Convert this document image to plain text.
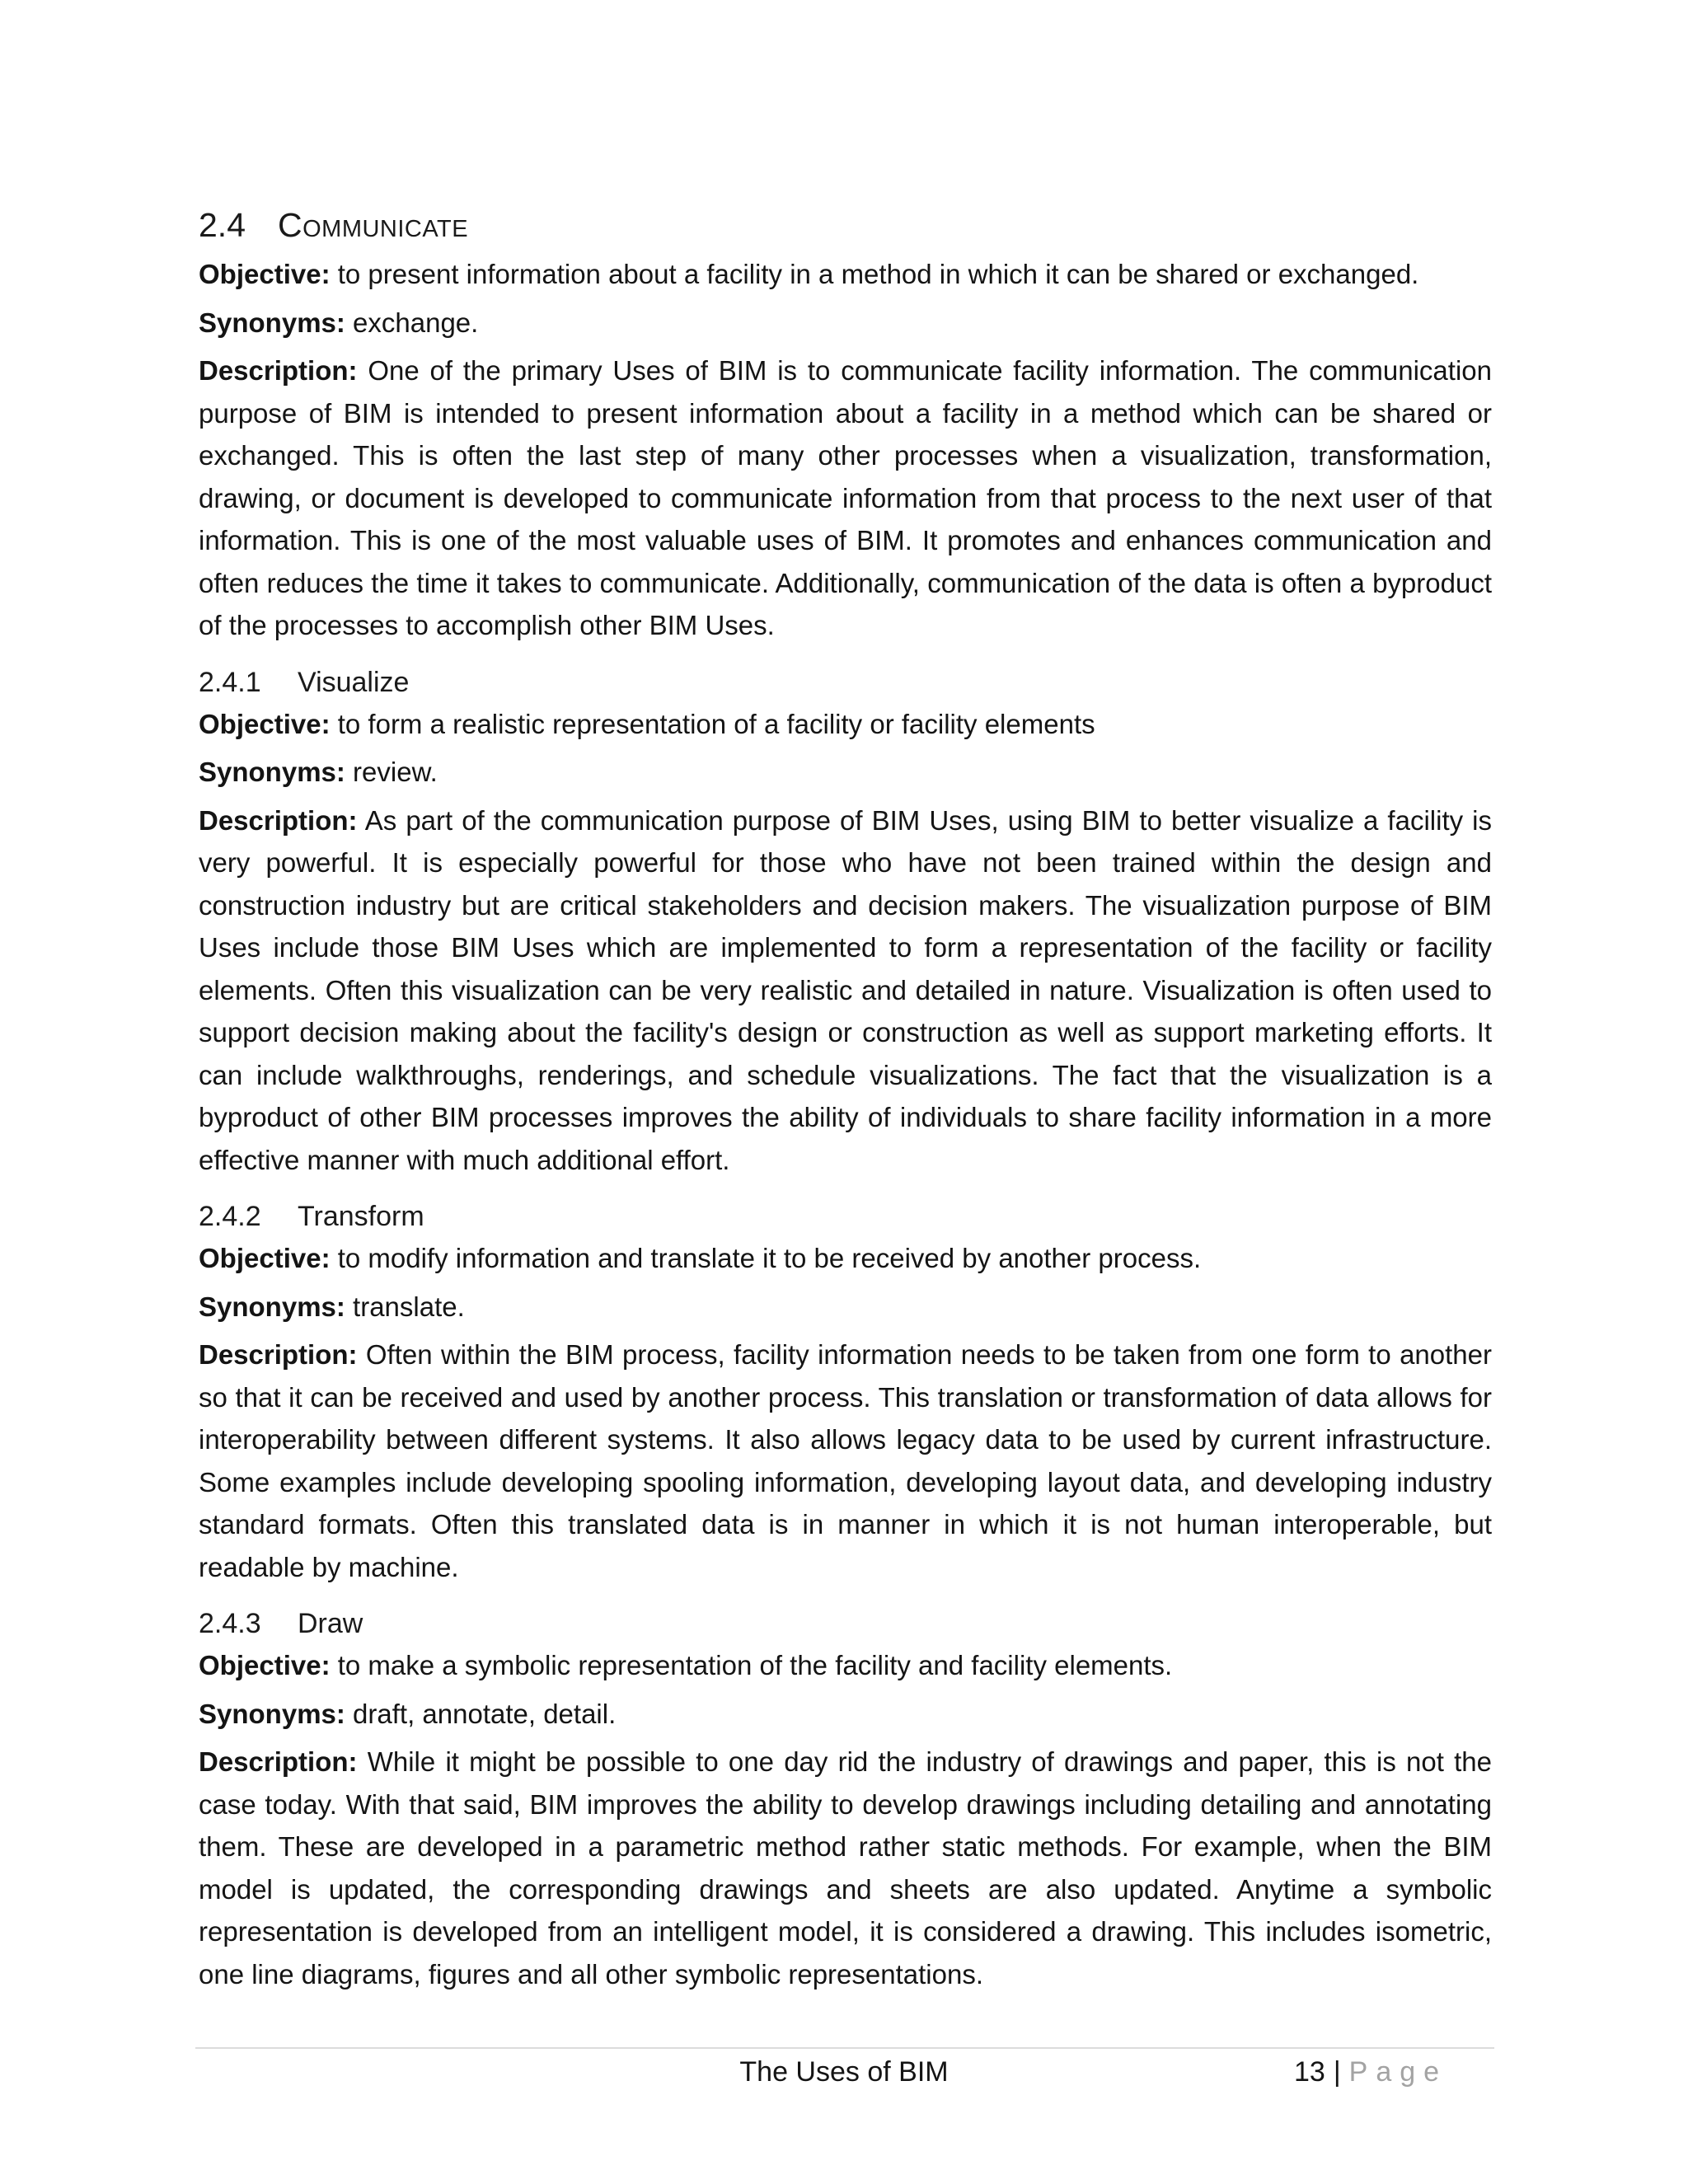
2.4 Communicate

Objective: to present information about a facility in a method in which it can be shared or exchanged.

Synonyms: exchange.

Description: One of the primary Uses of BIM is to communicate facility information. The communication purpose of BIM is intended to present information about a facility in a method which can be shared or exchanged. This is often the last step of many other processes when a visualization, transformation, drawing, or document is developed to communicate information from that process to the next user of that information. This is one of the most valuable uses of BIM. It promotes and enhances communication and often reduces the time it takes to communicate. Additionally, communication of the data is often a byproduct of the processes to accomplish other BIM Uses.

2.4.1	Visualize

Objective: to form a realistic representation of a facility or facility elements

Synonyms: review.

Description: As part of the communication purpose of BIM Uses, using BIM to better visualize a facility is very powerful. It is especially powerful for those who have not been trained within the design and construction industry but are critical stakeholders and decision makers. The visualization purpose of BIM Uses include those BIM Uses which are implemented to form a representation of the facility or facility elements. Often this visualization can be very realistic and detailed in nature. Visualization is often used to support decision making about the facility's design or construction as well as support marketing efforts. It can include walkthroughs, renderings, and schedule visualizations. The fact that the visualization is a byproduct of other BIM processes improves the ability of individuals to share facility information in a more effective manner with much additional effort.

2.4.2	Transform

Objective: to modify information and translate it to be received by another process.

Synonyms: translate.

Description: Often within the BIM process, facility information needs to be taken from one form to another so that it can be received and used by another process. This translation or transformation of data allows for interoperability between different systems. It also allows legacy data to be used by current infrastructure. Some examples include developing spooling information, developing layout data, and developing industry standard formats. Often this translated data is in manner in which it is not human interoperable, but readable by machine.

2.4.3	Draw

Objective: to make a symbolic representation of the facility and facility elements.

Synonyms: draft, annotate, detail.

Description: While it might be possible to one day rid the industry of drawings and paper, this is not the case today. With that said, BIM improves the ability to develop drawings including detailing and annotating them. These are developed in a parametric method rather static methods. For example, when the BIM model is updated, the corresponding drawings and sheets are also updated. Anytime a symbolic representation is developed from an intelligent model, it is considered a drawing. This includes isometric, one line diagrams, figures and all other symbolic representations.

The Uses of BIM	13 | Page
